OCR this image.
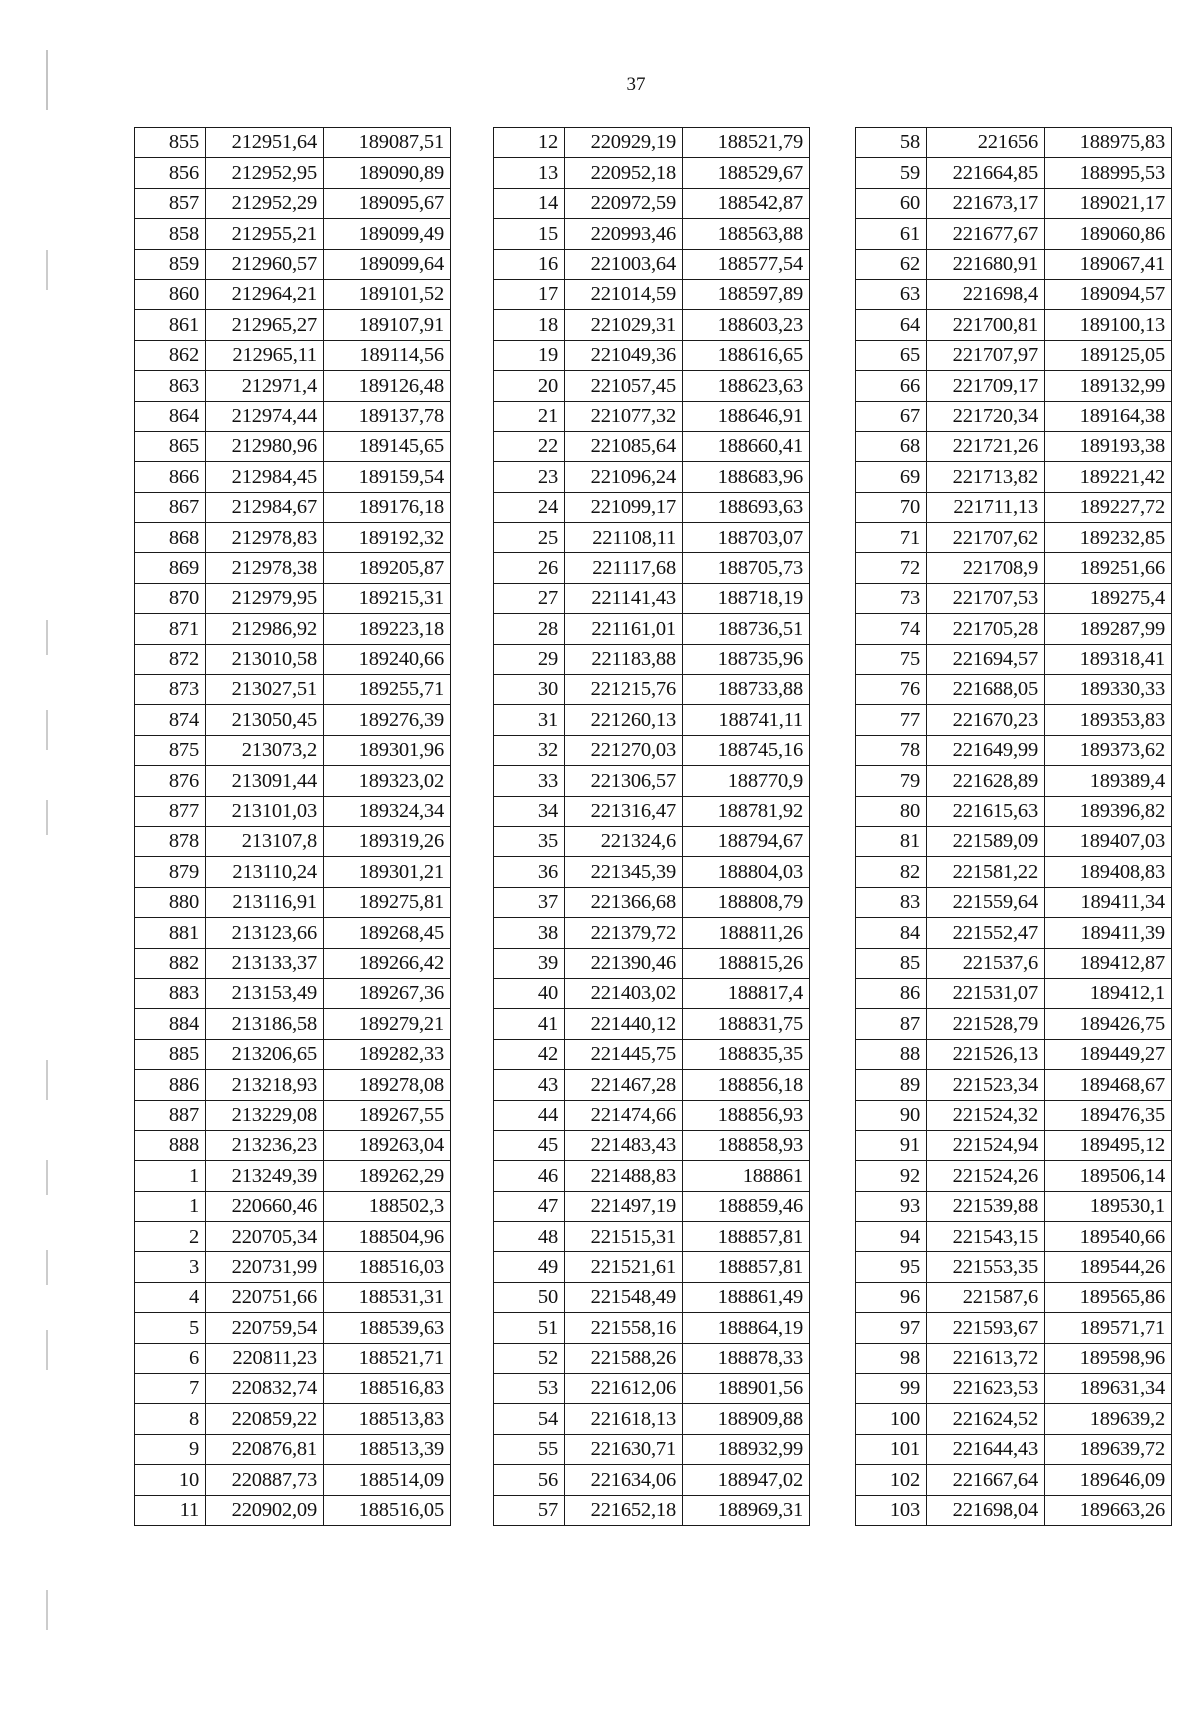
37
855	212951,64	189087,51
856	212952,95	189090,89
857	212952,29	189095,67
858	212955,21	189099,49
859	212960,57	189099,64
860	212964,21	189101,52
861	212965,27	189107,91
862	212965,11	189114,56
863	212971,4	189126,48
864	212974,44	189137,78
865	212980,96	189145,65
866	212984,45	189159,54
867	212984,67	189176,18
868	212978,83	189192,32
869	212978,38	189205,87
870	212979,95	189215,31
871	212986,92	189223,18
872	213010,58	189240,66
873	213027,51	189255,71
874	213050,45	189276,39
875	213073,2	189301,96
876	213091,44	189323,02
877	213101,03	189324,34
878	213107,8	189319,26
879	213110,24	189301,21
880	213116,91	189275,81
881	213123,66	189268,45
882	213133,37	189266,42
883	213153,49	189267,36
884	213186,58	189279,21
885	213206,65	189282,33
886	213218,93	189278,08
887	213229,08	189267,55
888	213236,23	189263,04
1	213249,39	189262,29
1	220660,46	188502,3
2	220705,34	188504,96
3	220731,99	188516,03
4	220751,66	188531,31
5	220759,54	188539,63
6	220811,23	188521,71
7	220832,74	188516,83
8	220859,22	188513,83
9	220876,81	188513,39
10	220887,73	188514,09
11	220902,09	188516,05
12	220929,19	188521,79
13	220952,18	188529,67
14	220972,59	188542,87
15	220993,46	188563,88
16	221003,64	188577,54
17	221014,59	188597,89
18	221029,31	188603,23
19	221049,36	188616,65
20	221057,45	188623,63
21	221077,32	188646,91
22	221085,64	188660,41
23	221096,24	188683,96
24	221099,17	188693,63
25	221108,11	188703,07
26	221117,68	188705,73
27	221141,43	188718,19
28	221161,01	188736,51
29	221183,88	188735,96
30	221215,76	188733,88
31	221260,13	188741,11
32	221270,03	188745,16
33	221306,57	188770,9
34	221316,47	188781,92
35	221324,6	188794,67
36	221345,39	188804,03
37	221366,68	188808,79
38	221379,72	188811,26
39	221390,46	188815,26
40	221403,02	188817,4
41	221440,12	188831,75
42	221445,75	188835,35
43	221467,28	188856,18
44	221474,66	188856,93
45	221483,43	188858,93
46	221488,83	188861
47	221497,19	188859,46
48	221515,31	188857,81
49	221521,61	188857,81
50	221548,49	188861,49
51	221558,16	188864,19
52	221588,26	188878,33
53	221612,06	188901,56
54	221618,13	188909,88
55	221630,71	188932,99
56	221634,06	188947,02
57	221652,18	188969,31
58	221656	188975,83
59	221664,85	188995,53
60	221673,17	189021,17
61	221677,67	189060,86
62	221680,91	189067,41
63	221698,4	189094,57
64	221700,81	189100,13
65	221707,97	189125,05
66	221709,17	189132,99
67	221720,34	189164,38
68	221721,26	189193,38
69	221713,82	189221,42
70	221711,13	189227,72
71	221707,62	189232,85
72	221708,9	189251,66
73	221707,53	189275,4
74	221705,28	189287,99
75	221694,57	189318,41
76	221688,05	189330,33
77	221670,23	189353,83
78	221649,99	189373,62
79	221628,89	189389,4
80	221615,63	189396,82
81	221589,09	189407,03
82	221581,22	189408,83
83	221559,64	189411,34
84	221552,47	189411,39
85	221537,6	189412,87
86	221531,07	189412,1
87	221528,79	189426,75
88	221526,13	189449,27
89	221523,34	189468,67
90	221524,32	189476,35
91	221524,94	189495,12
92	221524,26	189506,14
93	221539,88	189530,1
94	221543,15	189540,66
95	221553,35	189544,26
96	221587,6	189565,86
97	221593,67	189571,71
98	221613,72	189598,96
99	221623,53	189631,34
100	221624,52	189639,2
101	221644,43	189639,72
102	221667,64	189646,09
103	221698,04	189663,26
